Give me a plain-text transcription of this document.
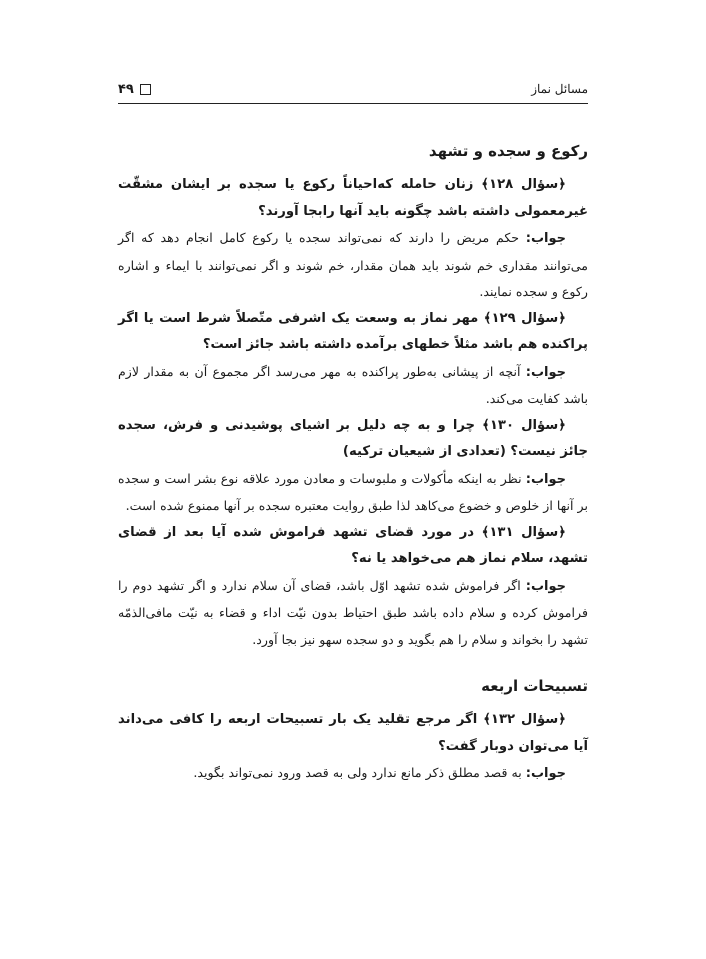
مسائل نماز
۴۹
رکوع و سجده و تشهد

﴿سؤال ۱۲۸﴾ زنان حامله که‌احیاناً رکوع یا سجده بر ایشان مشقّت غیرمعمولی داشته باشد چگونه باید آنها رابجا آورند؟

جواب: حکم مریض را دارند که نمی‌تواند سجده یا رکوع کامل انجام دهد که اگر می‌توانند مقداری خم شوند باید همان مقدار، خم شوند و اگر نمی‌توانند با ایماء و اشاره رکوع و سجده نمایند.

﴿سؤال ۱۲۹﴾ مهر نماز به وسعت یک اشرفی متّصلاً شرط است یا اگر پراکنده هم باشد مثلاً خطهای برآمده داشته باشد جائز است؟

جواب: آنچه از پیشانی به‌طور پراکنده به مهر می‌رسد اگر مجموع آن به مقدار لازم باشد کفایت می‌کند.

﴿سؤال ۱۳۰﴾ چرا و به چه دلیل بر اشیای پوشیدنی و فرش، سجده جائز نیست؟ (تعدادی از شیعیان ترکیه)

جواب: نظر به اینکه مأکولات و ملبوسات و معادن مورد علاقه نوع بشر است و سجده بر آنها از خلوص و خضوع می‌کاهد لذا طبق روایت معتبره سجده بر آنها ممنوع شده است.

﴿سؤال ۱۳۱﴾ در مورد قضای تشهد فراموش شده آیا بعد از قضای تشهد، سلام نماز هم می‌خواهد یا نه؟

جواب: اگر فراموش شده تشهد اوّل باشد، قضای آن سلام ندارد و اگر تشهد دوم را فراموش کرده و سلام داده باشد طبق احتیاط بدون نیّت اداء و قضاء به نیّت مافی‌الذمّه تشهد را بخواند و سلام را هم بگوید و دو سجده سهو نیز بجا آورد.

تسبیحات اربعه

﴿سؤال ۱۳۲﴾ اگر مرجع تقلید یک بار تسبیحات اربعه را کافی می‌داند آیا می‌توان دوبار گفت؟

جواب: به قصد مطلق ذکر مانع ندارد ولی به قصد ورود نمی‌تواند بگوید.
